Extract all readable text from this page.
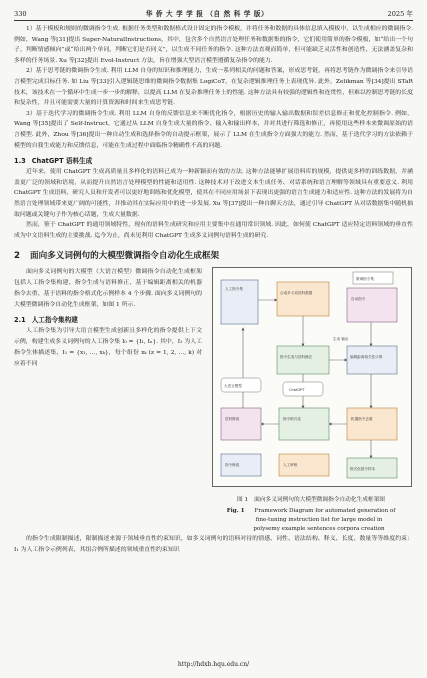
330	华 侨 大 学 学 报 （自 然 科 学 版）	2025 年

1）基于模板和规则的微调指令生成. 根据任务类型和数据格式设计固定的指令模板，并将任务和数据的具体信息填入模板中，以生成相应的微调指令. 例如，Wang 等[31]提出 Super-NaturalInstructions，其中，包含多个自然语言处理任务和数据集的指令，它们使用简单的指令模板，如“给出一个句子，判断情感倾向”或“给出两个单词，判断它们是否同义”，以生成不同任务的指令. 这种方法直观而简单，但可能缺乏灵活性和创造性，无法涵盖复杂和多样的任务场景. Xu 等[32]提出 Evol-Instruct 方法，旨在增强大型语言模型遵循复杂指令的能力.

2）基于思考链的微调指令生成. 利用 LLM 自身的知识和推理能力，生成一系列相关的问题和答案，形成思考链，再将思考链作为微调指令来引导语言模型完成目标任务. 如 Liu 等[33]引入逻辑链思维的微调指令数据集 LogiCoT，在复杂逻辑推理任务上表现优异. 此外，Zelikman 等[34]提出 STaR 技术，该技术在一个循环中生成一步一步的解释，以提高 LLM 在复杂推理任务上的性能. 这种方法具有较强的逻辑性和连贯性，但难以控制思考链的长度和复杂性，并且可能需要大量的计算资源和时间来生成思考链.

3）基于迭代学习的微调指令生成. 利用 LLM 自身的反馈信息来不断优化指令，根据历史的输入输出数据和误差信息修正和优化控制指令. 例如，Wang 等[35]提出了 Self-Instruct，它通过从 LLM 自身生成大量的指令、输入和输出样本，并对其进行筛选和修正，再使用这些样本来微调原始的语言模型. 此外，Zhou 等[36]提出一种自动生成和选择指令的自动提示框架，展示了 LLM 在生成指令方面强大的能力. 然而，基于迭代学习的方法依赖于模型的自我生成能力和反馈信息，可能在生成过程中面临指令精确性不高的问题.

1.3 ChatGPT 语料生成

近年来，使用 ChatGPT 生成高质量且多样化的语料已成为一种新颖而有效的方法. 这种方法能够扩展语料库的规模，提供更多样的训练数据，并涵盖更广泛的领域和语境，从而提升自然语言处理模型的性能和适用性. 这种技术对于改进文本生成任务、对话系统和语言理解等领域具有重要意义. 利用 ChatGPT 生成语料，研究人员和开发者可以更好地训练和优化模型，使其在不同应用场景下表现出更强的语言生成能力和适应性. 这种方法的发展将为自然语言处理领域带来更广阔的可能性，并推动其在实际应用中的进一步发展. Xu 等[37]提出一种自聊天方法，通过引导 ChatGPT 从对话数据集中随机抽取问题或关键句子作为核心话题，生成大量数据.

然而，鉴于 ChatGPT 的通用领域特性，现有的语料生成研究和应用主要集中在通用常识领域. 因此，如何使 ChatGPT 适应特定语料领域的垂直性成为中文语料生成的主要挑战. 迄今为止，尚未见利用 ChatGPT 生成多义词例句语料生成的研究.

2 面向多义词例句的大模型微调指令自动化生成框架

面向多义词例句的大模型（大语言模型）微调指令自动化生成框架包括人工指令集构建、指令生成与语料修正、基于编辑距离相关的机器指令去重、基于语料的指令格式化示例样本 4 个步骤. 面向多义词例句的大模型微调指令自动化生成框架，如图 1 所示.

2.1 人工指令集构建

人工指令集为引导大语言模型生成创新且多样化的指令提供上下文示例，构建生成多义词例句的人工指令集 I₀ = {I₁, Iₙ}. 其中，I₁ 为人工指令生体描述集，I₁ = {x₁, …, xₖ}，每个组份 xₖ (z = 1, 2, …, k) 对应着不同

人工指令集
合成多义词语料数据
指令生成与语料修正
自动指令
编辑距离相关性计算
机器指令去重
指令格式化
语料修改
指令修改	人工审核
格式化指令样本
微调指令集
生成 输出
ChatGPT
大语言模型
图 1 面向多义词例句的大模型微调指令自动化生成框架图
Fig. 1 Framework Diagram for automated generation of
fine-tuning instruction list for large model in
polysemy example sentences corpora creation

的指令生成限制描述，限制描述来源于领域垂直性约束知识，如多义词例句的语料对待的情感、词性、语法结构、释义、长度、数量等等维度约束：I₁ 为人工指令示例列表，其组合例所描述的领域重直性约束知识

http://hdxb.hqu.edu.cn/
